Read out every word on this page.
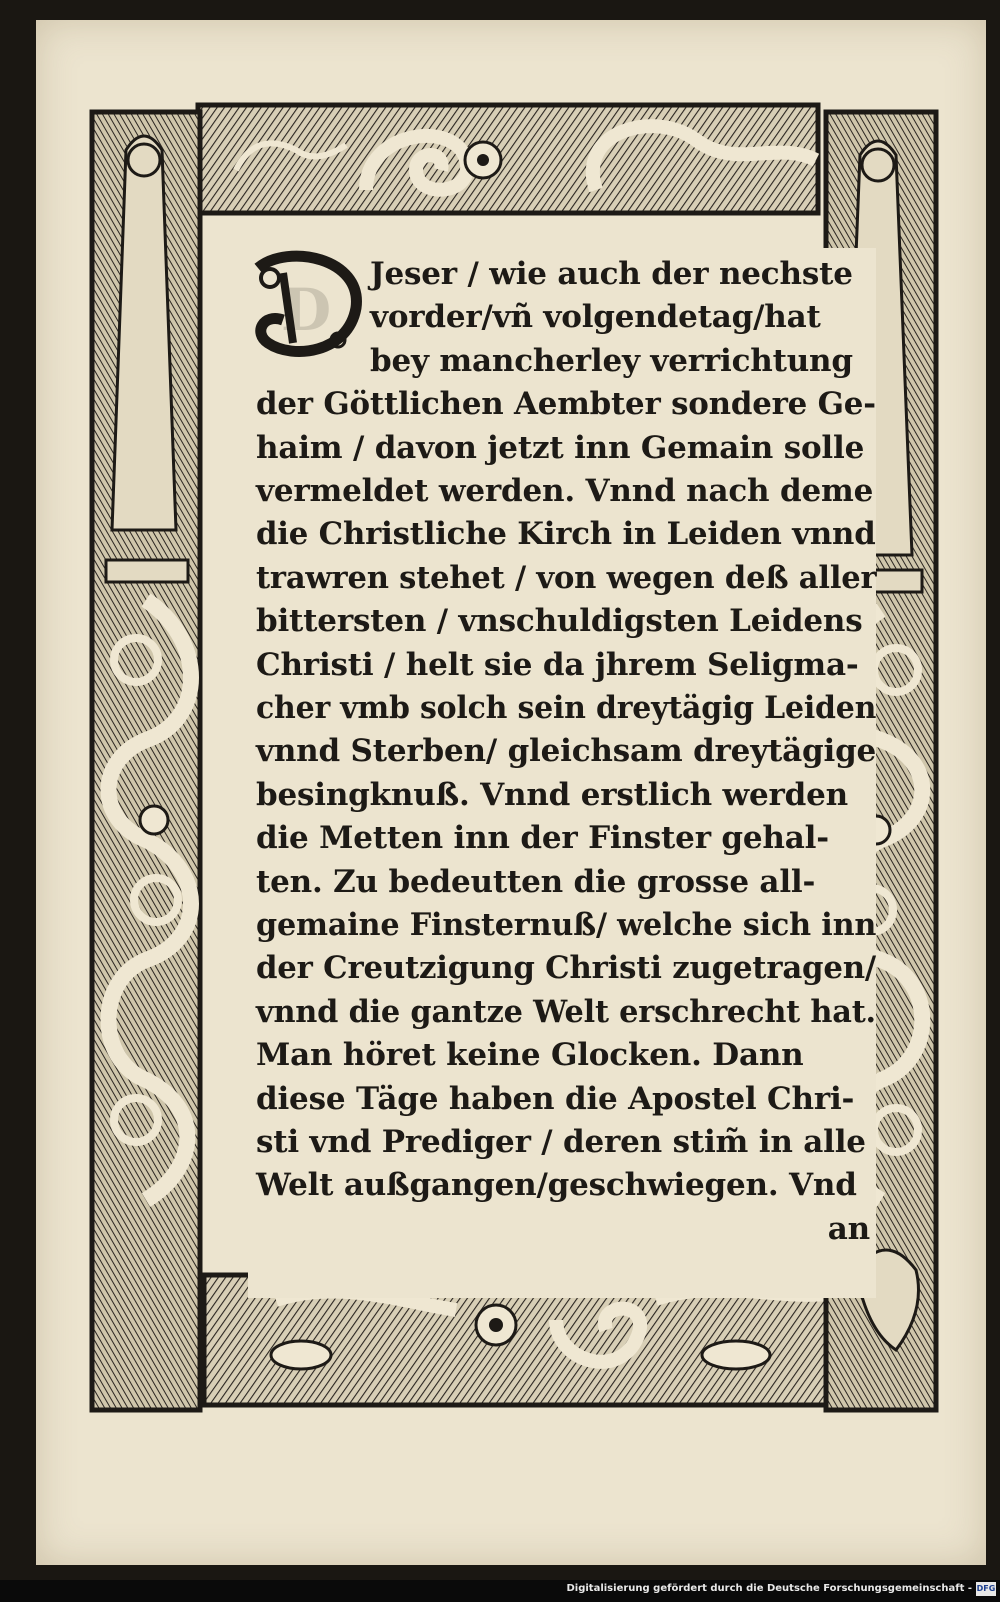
D
Jeser / wie auch der nechste
vorder/vñ volgendetag/hat
bey mancherley verrichtung
der Göttlichen Aembter sondere Ge-
haim / davon jetzt inn Gemain solle
vermeldet werden. Vnnd nach deme
die Christliche Kirch in Leiden vnnd
trawren stehet / von wegen deß aller
bittersten / vnschuldigsten Leidens
Christi / helt sie da jhrem Seligma-
cher vmb solch sein dreytägig Leiden
vnnd Sterben/ gleichsam dreytägige
besingknuß. Vnnd erstlich werden
die Metten inn der Finster gehal-
ten. Zu bedeutten die grosse all-
gemaine Finsternuß/ welche sich inn
der Creutzigung Christi zugetragen/
vnnd die gantze Welt erschrecht hat.
Man höret keine Glocken. Dann
diese Täge haben die Apostel Chri-
sti vnd Prediger / deren stim̃ in alle
Welt außgangen/geschwiegen. Vnd
an
Digitalisierung gefördert durch die Deutsche Forschungsgemeinschaft - DFG
